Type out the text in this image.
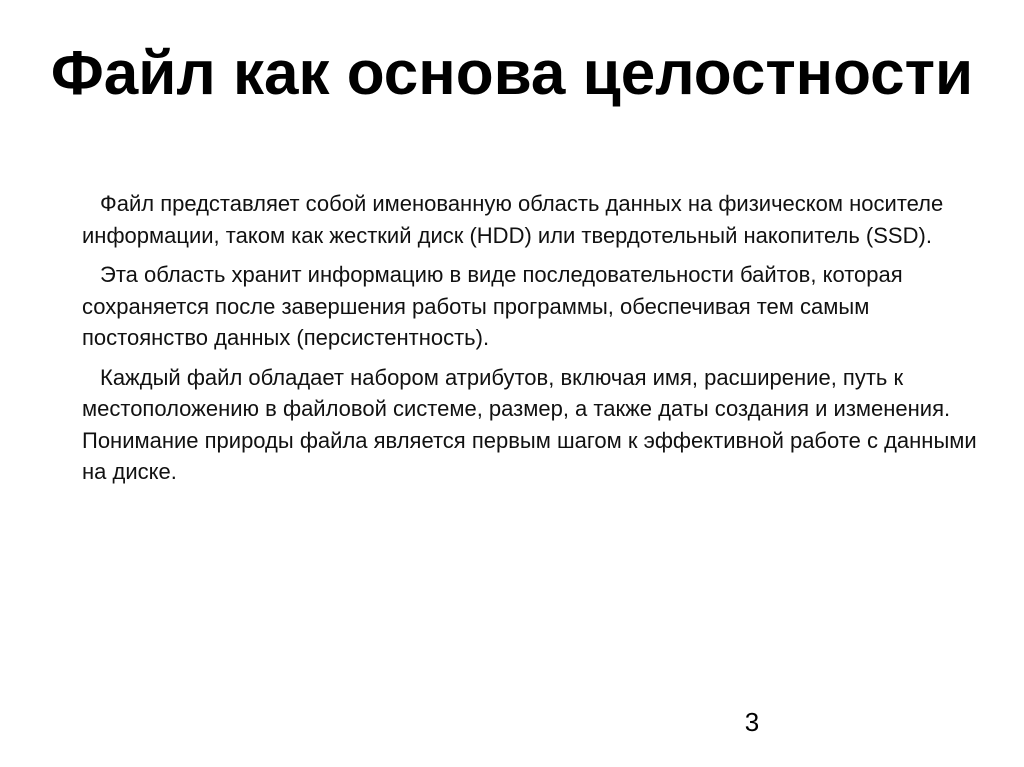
Файл как основа целостности

Файл представляет собой именованную область данных на физическом носителе информации, таком как жесткий диск (HDD) или твердотельный накопитель (SSD).

Эта область хранит информацию в виде последовательности байтов, которая сохраняется после завершения работы программы, обеспечивая тем самым постоянство данных (персистентность).

Каждый файл обладает набором атрибутов, включая имя, расширение, путь к местоположению в файловой системе, размер, а также даты создания и изменения. Понимание природы файла является первым шагом к эффективной работе с данными на диске.

3
